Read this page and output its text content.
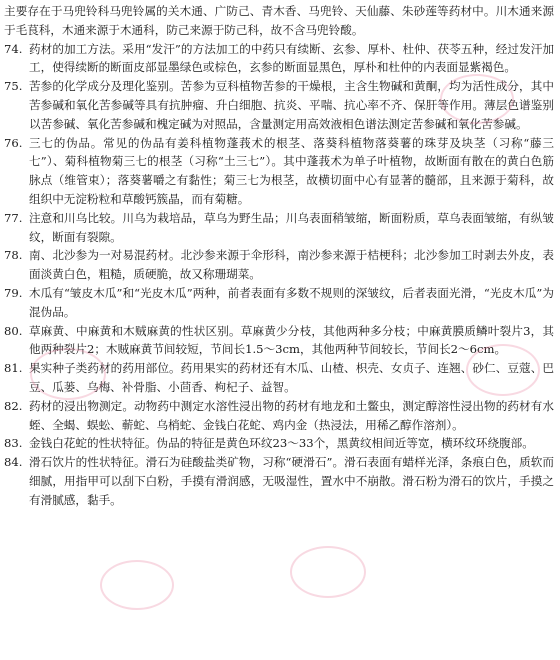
主要存在于马兜铃科马兜铃属的关木通、广防己、青木香、马兜铃、天仙藤、朱砂莲等药材中。川木通来源于毛茛科，木通来源于木通科，防己来源于防己科，故不含马兜铃酸。
74. 药材的加工方法。采用“发汗”的方法加工的中药只有续断、玄参、厚朴、杜仲、茯苓五种，经过发汗加工，使得续断的断面皮部显墨绿色或棕色，玄参的断面显黑色，厚朴和杜仲的内表面显紫褐色。
75. 苦参的化学成分及理化鉴别。苦参为豆科植物苦参的干燥根，主含生物碱和黄酮，均为活性成分，其中苦参碱和氧化苦参碱等具有抗肿瘤、升白细胞、抗炎、平喘、抗心率不齐、保肝等作用。薄层色谱鉴别以苦参碱、氧化苦参碱和槐定碱为对照品，含量测定用高效液相色谱法测定苦参碱和氧化苦参碱。
76. 三七的伪品。常见的伪品有姜科植物蓬莪术的根茎、落葵科植物落葵薯的珠芽及块茎（习称“藤三七”）、菊科植物菊三七的根茎（习称“土三七”）。其中蓬莪术为单子叶植物，故断面有散在的黄白色筋脉点（维管束）；落葵薯嚼之有黏性；菊三七为根茎，故横切面中心有显著的髓部，且来源于菊科，故组织中无淀粉粒和草酸钙簇晶，而有菊糖。
77. 注意和川乌比较。川乌为栽培品，草乌为野生品；川乌表面稍皱缩，断面粉质，草乌表面皱缩，有纵皱纹，断面有裂隙。
78. 南、北沙参为一对易混药材。北沙参来源于伞形科，南沙参来源于桔梗科；北沙参加工时剥去外皮，表面淡黄白色，粗糙，质硬脆，故又称珊瑚菜。
79. 木瓜有“皱皮木瓜”和“光皮木瓜”两种，前者表面有多数不规则的深皱纹，后者表面光滑，“光皮木瓜”为混伪品。
80. 草麻黄、中麻黄和木贼麻黄的性状区别。草麻黄少分枝，其他两种多分枝；中麻黄膜质鳞叶裂片3，其他两种裂片2；木贼麻黄节间较短，节间长1.5～3cm，其他两种节间较长，节间长2～6cm。
81. 果实种子类药材的药用部位。药用果实的药材还有木瓜、山楂、枳壳、女贞子、连翘、砂仁、豆蔻、巴豆、瓜蒌、乌梅、补骨脂、小茴香、枸杞子、益智。
82. 药材的浸出物测定。动物药中测定水溶性浸出物的药材有地龙和土鳖虫，测定醇溶性浸出物的药材有水蛭、全蝎、蜈蚣、蕲蛇、乌梢蛇、金钱白花蛇、鸡内金（热浸法，用稀乙醇作溶剂）。
83. 金钱白花蛇的性状特征。伪品的特征是黄色环纹23～33个，黑黄纹相间近等宽，横环纹环绕腹部。
84. 滑石饮片的性状特征。滑石为硅酸盐类矿物，习称“硬滑石”。滑石表面有蜡样光泽，条痕白色，质软而细腻，用指甲可以刮下白粉，手摸有滑润感，无吸湿性，置水中不崩散。滑石粉为滑石的饮片，手摸之有滑腻感，黏手。
